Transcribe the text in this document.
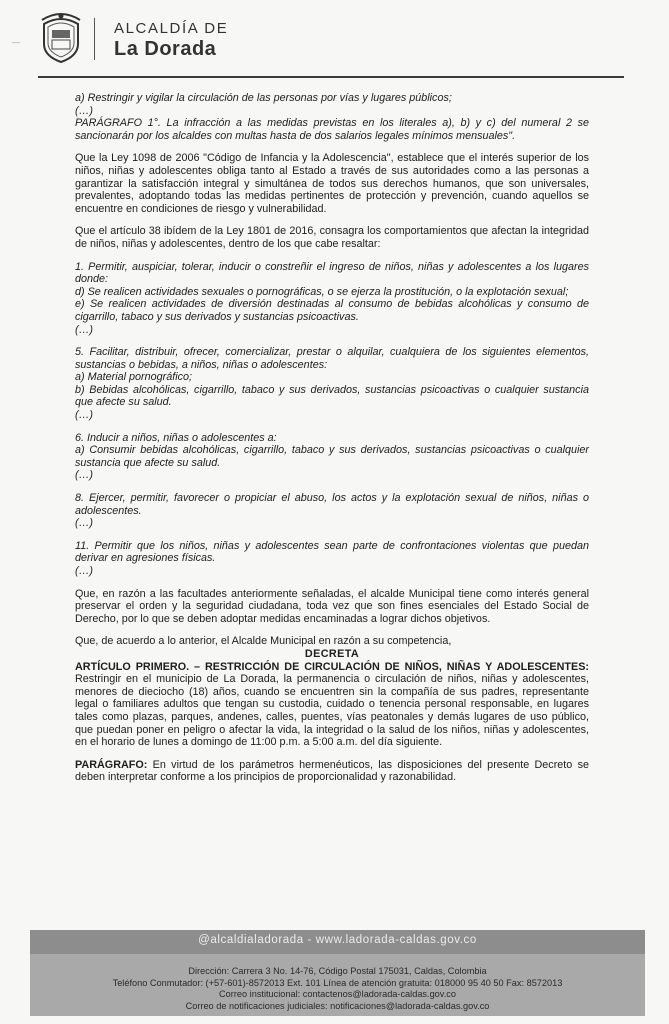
—
ALCALDÍA DE
La Dorada

a) Restringir y vigilar la circulación de las personas por vías y lugares públicos;

(…)

PARÁGRAFO 1°. La infracción a las medidas previstas en los literales a), b) y c) del numeral 2 se sancionarán por los alcaldes con multas hasta de dos salarios legales mínimos mensuales".

Que la Ley 1098 de 2006 "Código de Infancia y la Adolescencia", establece que el interés superior de los niños, niñas y adolescentes obliga tanto al Estado a través de sus autoridades como a las personas a garantizar la satisfacción integral y simultánea de todos sus derechos humanos, que son universales, prevalentes, adoptando todas las medidas pertinentes de protección y prevención, cuando aquellos se encuentre en condiciones de riesgo y vulnerabilidad.

Que el artículo 38 ibídem de la Ley 1801 de 2016, consagra los comportamientos que afectan la integridad de niños, niñas y adolescentes, dentro de los que cabe resaltar:

1. Permitir, auspiciar, tolerar, inducir o constreñir el ingreso de niños, niñas y adolescentes a los lugares donde:

d) Se realicen actividades sexuales o pornográficas, o se ejerza la prostitución, o la explotación sexual;

e) Se realicen actividades de diversión destinadas al consumo de bebidas alcohólicas y consumo de cigarrillo, tabaco y sus derivados y sustancias psicoactivas.

(…)

5. Facilitar, distribuir, ofrecer, comercializar, prestar o alquilar, cualquiera de los siguientes elementos, sustancias o bebidas, a niños, niñas o adolescentes:

a) Material pornográfico;

b) Bebidas alcohólicas, cigarrillo, tabaco y sus derivados, sustancias psicoactivas o cualquier sustancia que afecte su salud.

(…)

6. Inducir a niños, niñas o adolescentes a:

a) Consumir bebidas alcohólicas, cigarrillo, tabaco y sus derivados, sustancias psicoactivas o cualquier sustancia que afecte su salud.

(…)

8. Ejercer, permitir, favorecer o propiciar el abuso, los actos y la explotación sexual de niños, niñas o adolescentes.

(…)

11. Permitir que los niños, niñas y adolescentes sean parte de confrontaciones violentas que puedan derivar en agresiones físicas.

(…)

Que, en razón a las facultades anteriormente señaladas, el alcalde Municipal tiene como interés general preservar el orden y la seguridad ciudadana, toda vez que son fines esenciales del Estado Social de Derecho, por lo que se deben adoptar medidas encaminadas a lograr dichos objetivos.

Que, de acuerdo a lo anterior, el Alcalde Municipal en razón a su competencia,

DECRETA

ARTÍCULO PRIMERO. – RESTRICCIÓN DE CIRCULACIÓN DE NIÑOS, NIÑAS Y ADOLESCENTES: Restringir en el municipio de La Dorada, la permanencia o circulación de niños, niñas y adolescentes, menores de dieciocho (18) años, cuando se encuentren sin la compañía de sus padres, representante legal o familiares adultos que tengan su custodia, cuidado o tenencia personal responsable, en lugares tales como plazas, parques, andenes, calles, puentes, vías peatonales y demás lugares de uso público, que puedan poner en peligro o afectar la vida, la integridad o la salud de los niños, niñas y adolescentes, en el horario de lunes a domingo de 11:00 p.m. a 5:00 a.m. del día siguiente.

PARÁGRAFO: En virtud de los parámetros hermenéuticos, las disposiciones del presente Decreto se deben interpretar conforme a los principios de proporcionalidad y razonabilidad.

@alcaldialadorada - www.ladorada-caldas.gov.co
Dirección: Carrera 3 No. 14-76, Código Postal 175031, Caldas, Colombia
Teléfono Conmutador: (+57-601)-8572013 Ext. 101 Línea de atención gratuita: 018000 95 40 50 Fax: 8572013
Correo institucional: contactenos@ladorada-caldas.gov.co
Correo de notificaciones judiciales: notificaciones@ladorada-caldas.gov.co
